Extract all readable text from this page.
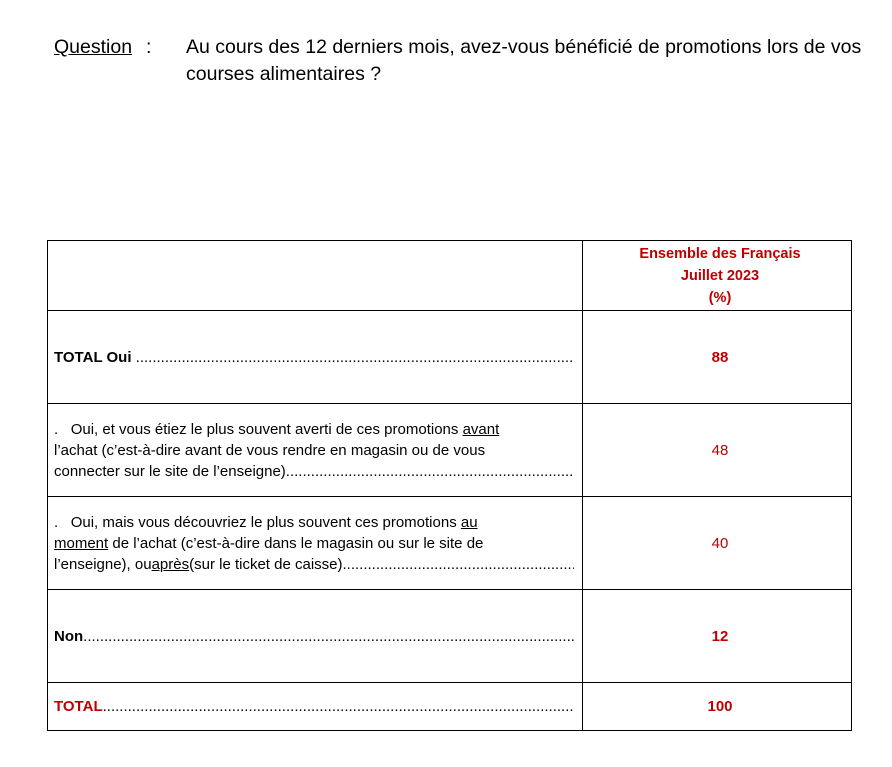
Question : Au cours des 12 derniers mois, avez-vous bénéficié de promotions lors de vos courses alimentaires ?

	Ensemble des Français
Juillet 2023
(%)

TOTAL Oui

.....	88

. Oui, et vous étiez le plus souvent averti de ces promotions avant
l’achat (c’est-à-dire avant de vous rendre en magasin ou de vous
connecter sur le site de l’enseigne)
.....	48

. Oui, mais vous découvriez le plus souvent ces promotions au
moment de l’achat (c’est-à-dire dans le magasin ou sur le site de
l’enseigne), ou après (sur le ticket de caisse)
.....	40

Non
.....	12

TOTAL
.....	100
